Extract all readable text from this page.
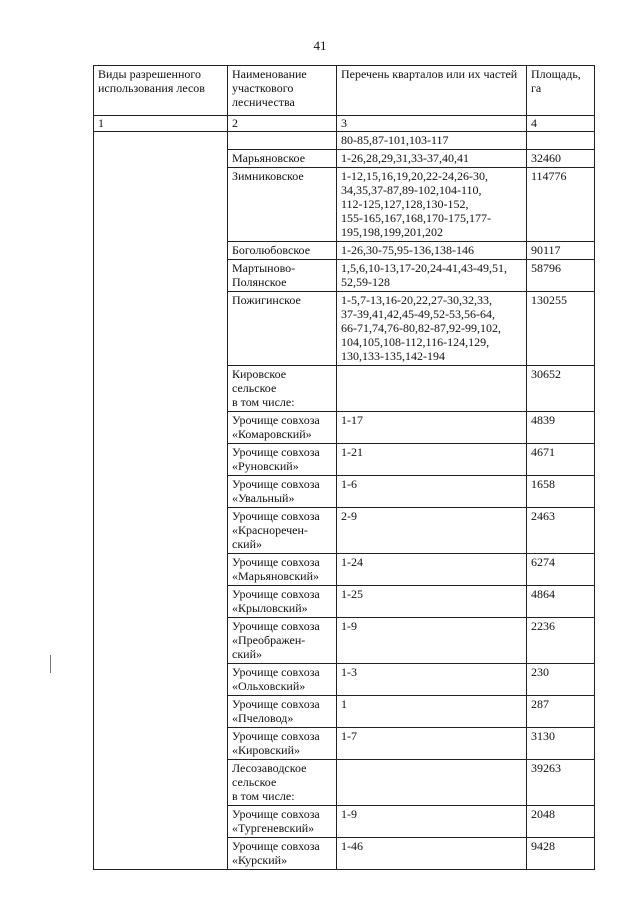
41
Виды разрешенного использования лесов	Наименование участкового лесничества	Перечень кварталов или их частей	Площадь, га
1	2	3	4
		80-85,87-101,103-117	
	Марьяновское	1-26,28,29,31,33-37,40,41	32460
	Зимниковское	1-12,15,16,19,20,22-24,26-30,
34,35,37-87,89-102,104-110,
112-125,127,128,130-152,
155-165,167,168,170-175,177-
195,198,199,201,202	114776
	Боголюбовское	1-26,30-75,95-136,138-146	90117
	Мартыново-
Полянское	1,5,6,10-13,17-20,24-41,43-49,51,
52,59-128	58796
	Пожигинское	1-5,7-13,16-20,22,27-30,32,33,
37-39,41,42,45-49,52-53,56-64,
66-71,74,76-80,82-87,92-99,102,
104,105,108-112,116-124,129,
130,133-135,142-194	130255
	Кировское
сельское
в том числе:		30652
	Урочище совхоза
«Комаровский»	1-17	4839
	Урочище совхоза
«Руновский»	1-21	4671
	Урочище совхоза
«Увальный»	1-6	1658
	Урочище совхоза
«Красноречен-
ский»	2-9	2463
	Урочище совхоза
«Марьяновский»	1-24	6274
	Урочище совхоза
«Крыловский»	1-25	4864
	Урочище совхоза
«Преображен-
ский»	1-9	2236
	Урочище совхоза
«Ольховский»	1-3	230
	Урочище совхоза
«Пчеловод»	1	287
	Урочище совхоза
«Кировский»	1-7	3130
	Лесозаводское
сельское
в том числе:		39263
	Урочище совхоза
«Тургеневский»	1-9	2048
	Урочище совхоза
«Курский»	1-46	9428
